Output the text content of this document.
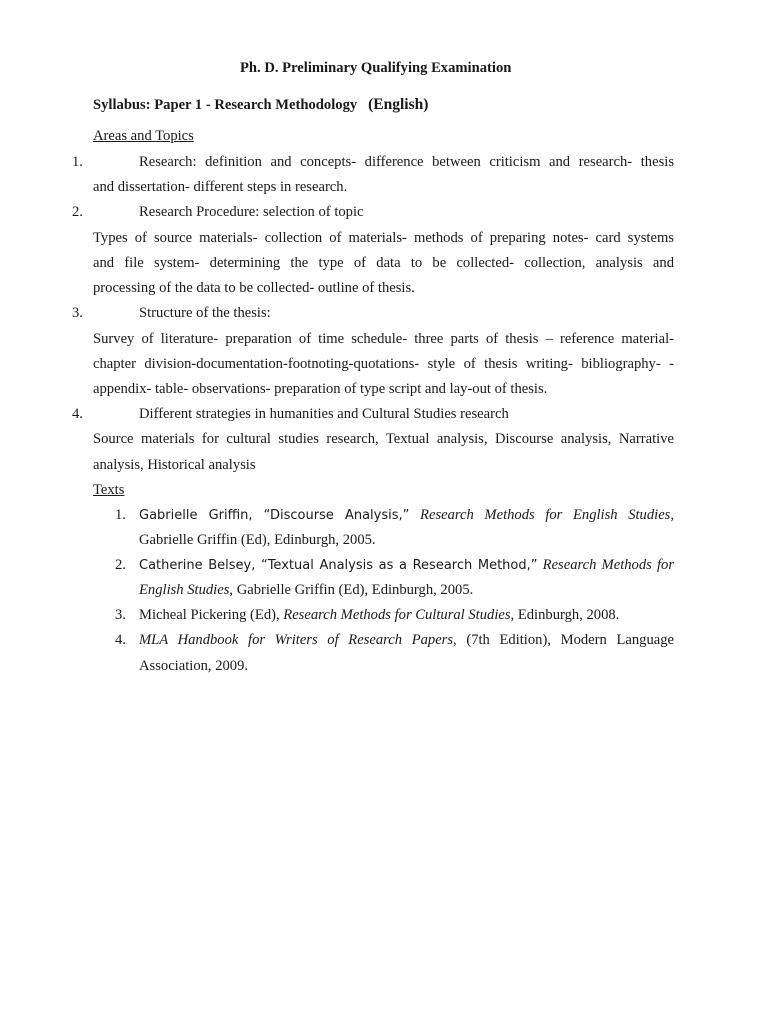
Ph. D. Preliminary Qualifying Examination
Syllabus: Paper 1 - Research Methodology (English)
Areas and Topics
1.	Research: definition and concepts- difference between criticism and research- thesis
and dissertation- different steps in research.
2.	Research Procedure: selection of topic
Types of source materials- collection of materials- methods of preparing notes- card systems
and file system- determining the type of data to be collected- collection, analysis and
processing of the data to be collected- outline of thesis.
3.	Structure of the thesis:
Survey of literature- preparation of time schedule- three parts of thesis – reference material-
chapter division-documentation-footnoting-quotations- style of thesis writing- bibliography- -
appendix- table- observations- preparation of type script and lay-out of thesis.
4.	Different strategies in humanities and Cultural Studies research
Source materials for cultural studies research, Textual analysis, Discourse analysis, Narrative
analysis, Historical analysis
Texts
1. Gabrielle Griffin, “Discourse Analysis,” Research Methods for English Studies,
Gabrielle Griffin (Ed), Edinburgh, 2005.
2. Catherine Belsey, “Textual Analysis as a Research Method,” Research Methods for
English Studies, Gabrielle Griffin (Ed), Edinburgh, 2005.
3. Micheal Pickering (Ed), Research Methods for Cultural Studies, Edinburgh, 2008.
4. MLA Handbook for Writers of Research Papers, (7th Edition), Modern Language
Association, 2009.
